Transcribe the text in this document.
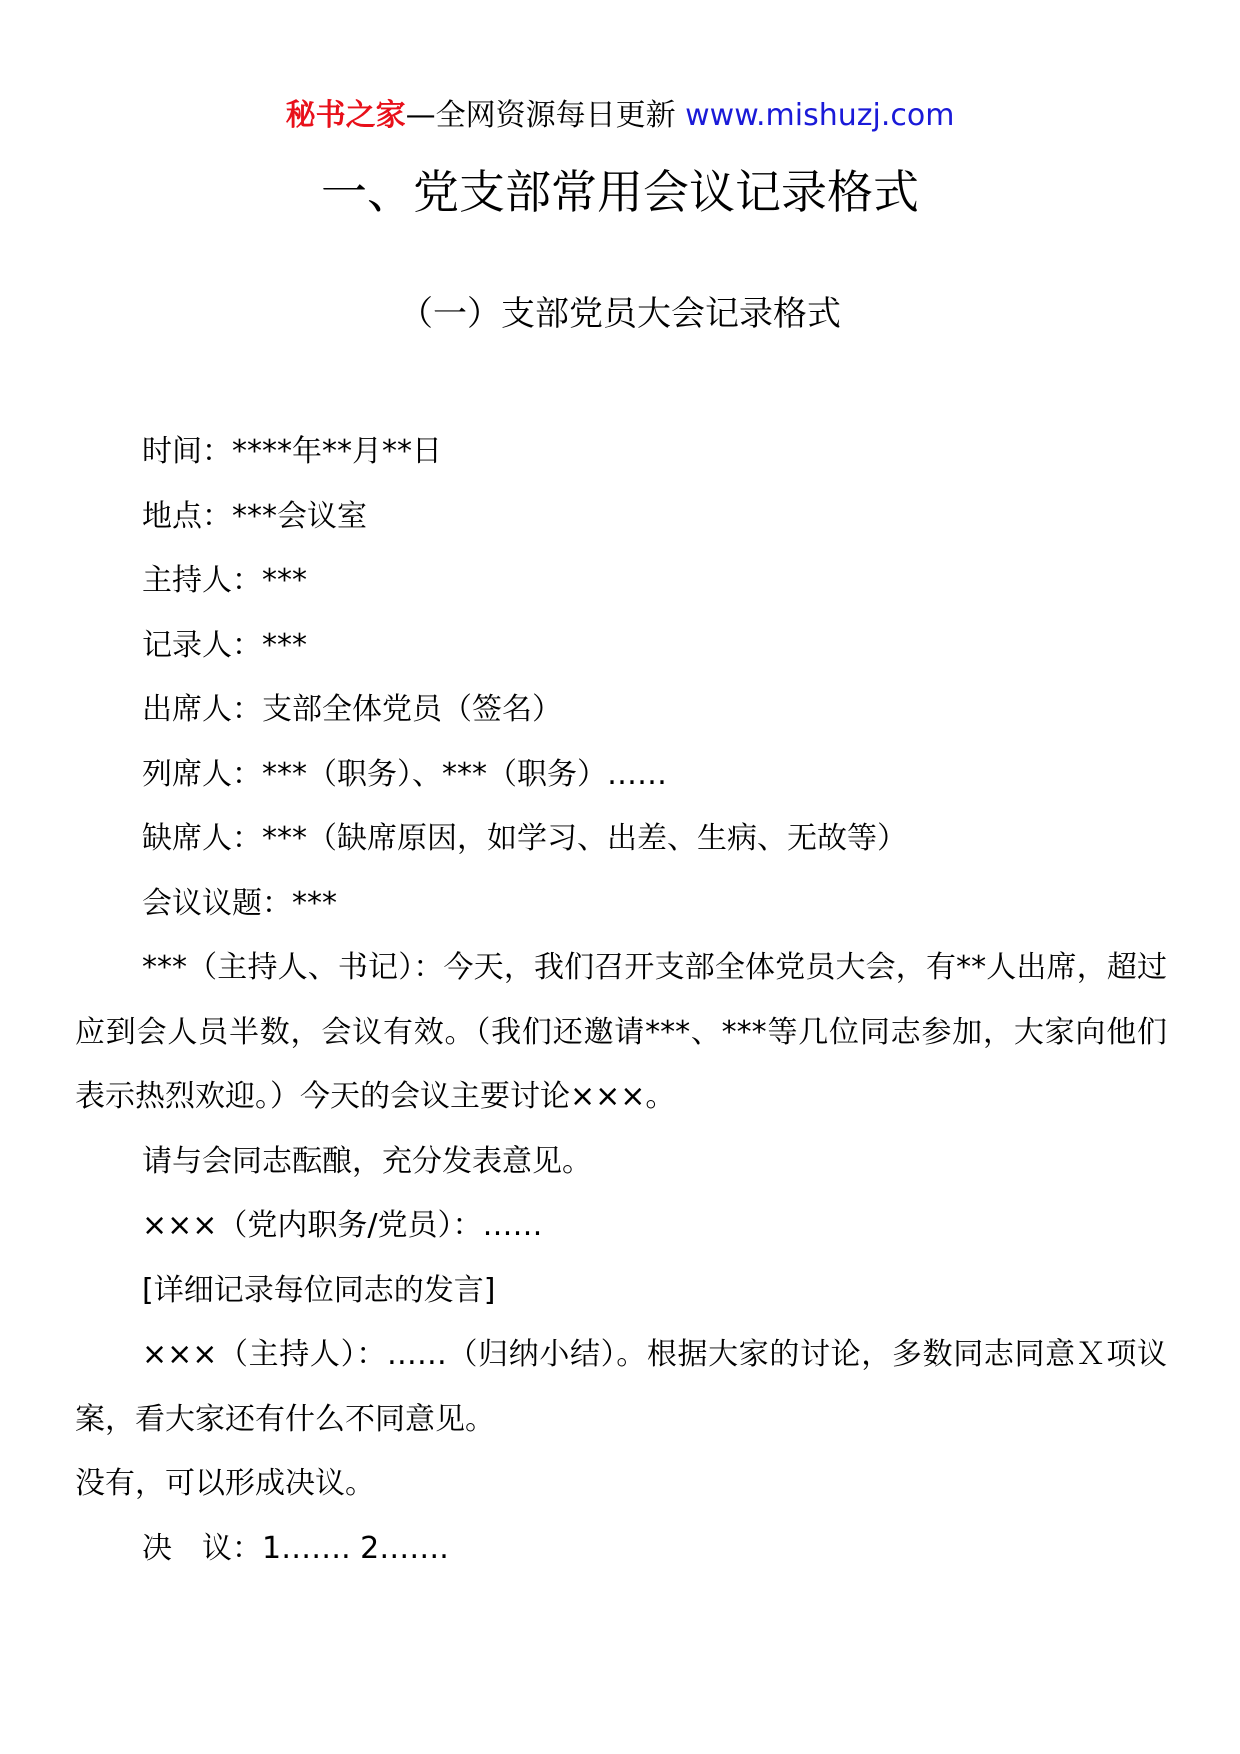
秘书之家—全网资源每日更新 www.mishuzj.com
一、党支部常用会议记录格式
（一）支部党员大会记录格式

时间：****年**月**日

地点：***会议室

主持人：***

记录人：***

出席人：支部全体党员（签名）

列席人：***（职务）、***（职务）……

缺席人：***（缺席原因，如学习、出差、生病、无故等）

会议议题：***

***（主持人、书记）：今天，我们召开支部全体党员大会，有**人出席，超过应到会人员半数，会议有效。（我们还邀请***、***等几位同志参加，大家向他们表示热烈欢迎。）今天的会议主要讨论×××。

请与会同志酝酿，充分发表意见。

×××（党内职务/党员）：……

[详细记录每位同志的发言]

×××（主持人）：……（归纳小结）。根据大家的讨论，多数同志同意Ｘ项议案，看大家还有什么不同意见。

没有，可以形成决议。

决　议：1……. 2…….
